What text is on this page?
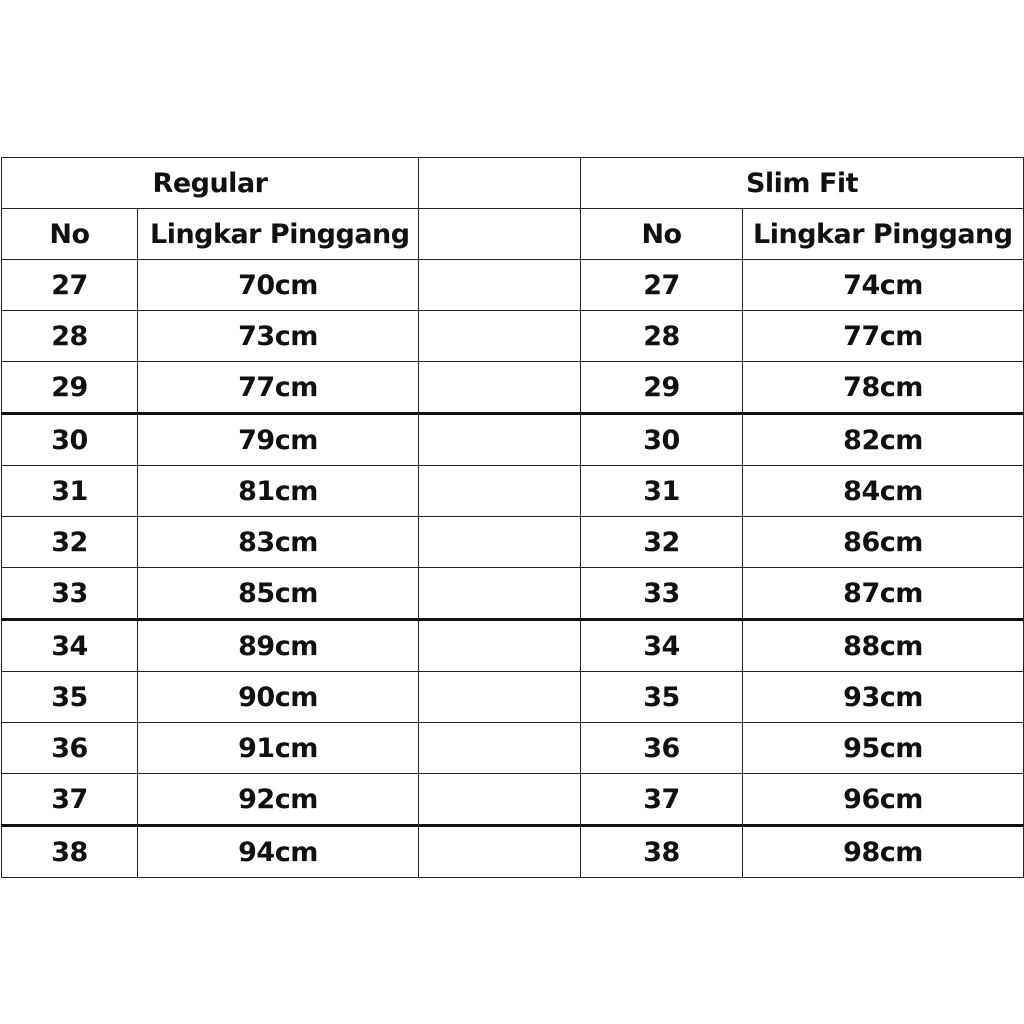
Regular			Slim Fit	
No	Lingkar Pinggang		No	Lingkar Pinggang
27	70cm		27	74cm
28	73cm		28	77cm
29	77cm		29	78cm
30	79cm		30	82cm
31	81cm		31	84cm
32	83cm		32	86cm
33	85cm		33	87cm
34	89cm		34	88cm
35	90cm		35	93cm
36	91cm		36	95cm
37	92cm		37	96cm
38	94cm		38	98cm
